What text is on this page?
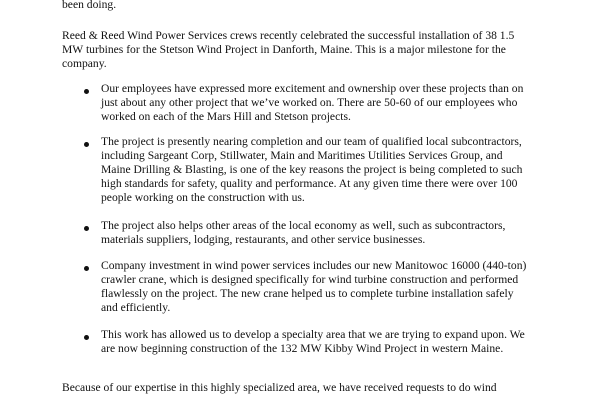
been doing.
Reed & Reed Wind Power Services crews recently celebrated the successful installation of 38 1.5
MW turbines for the Stetson Wind Project in Danforth, Maine. This is a major milestone for the
company.
Our employees have expressed more excitement and ownership over these projects than on
just about any other project that we’ve worked on. There are 50-60 of our employees who
worked on each of the Mars Hill and Stetson projects.
The project is presently nearing completion and our team of qualified local subcontractors,
including Sargeant Corp, Stillwater, Main and Maritimes Utilities Services Group, and
Maine Drilling & Blasting, is one of the key reasons the project is being completed to such
high standards for safety, quality and performance. At any given time there were over 100
people working on the construction with us.
The project also helps other areas of the local economy as well, such as subcontractors,
materials suppliers, lodging, restaurants, and other service businesses.
Company investment in wind power services includes our new Manitowoc 16000 (440-ton)
crawler crane, which is designed specifically for wind turbine construction and performed
flawlessly on the project. The new crane helped us to complete turbine installation safely
and efficiently.
This work has allowed us to develop a specialty area that we are trying to expand upon. We
are now beginning construction of the 132 MW Kibby Wind Project in western Maine.
Because of our expertise in this highly specialized area, we have received requests to do wind
